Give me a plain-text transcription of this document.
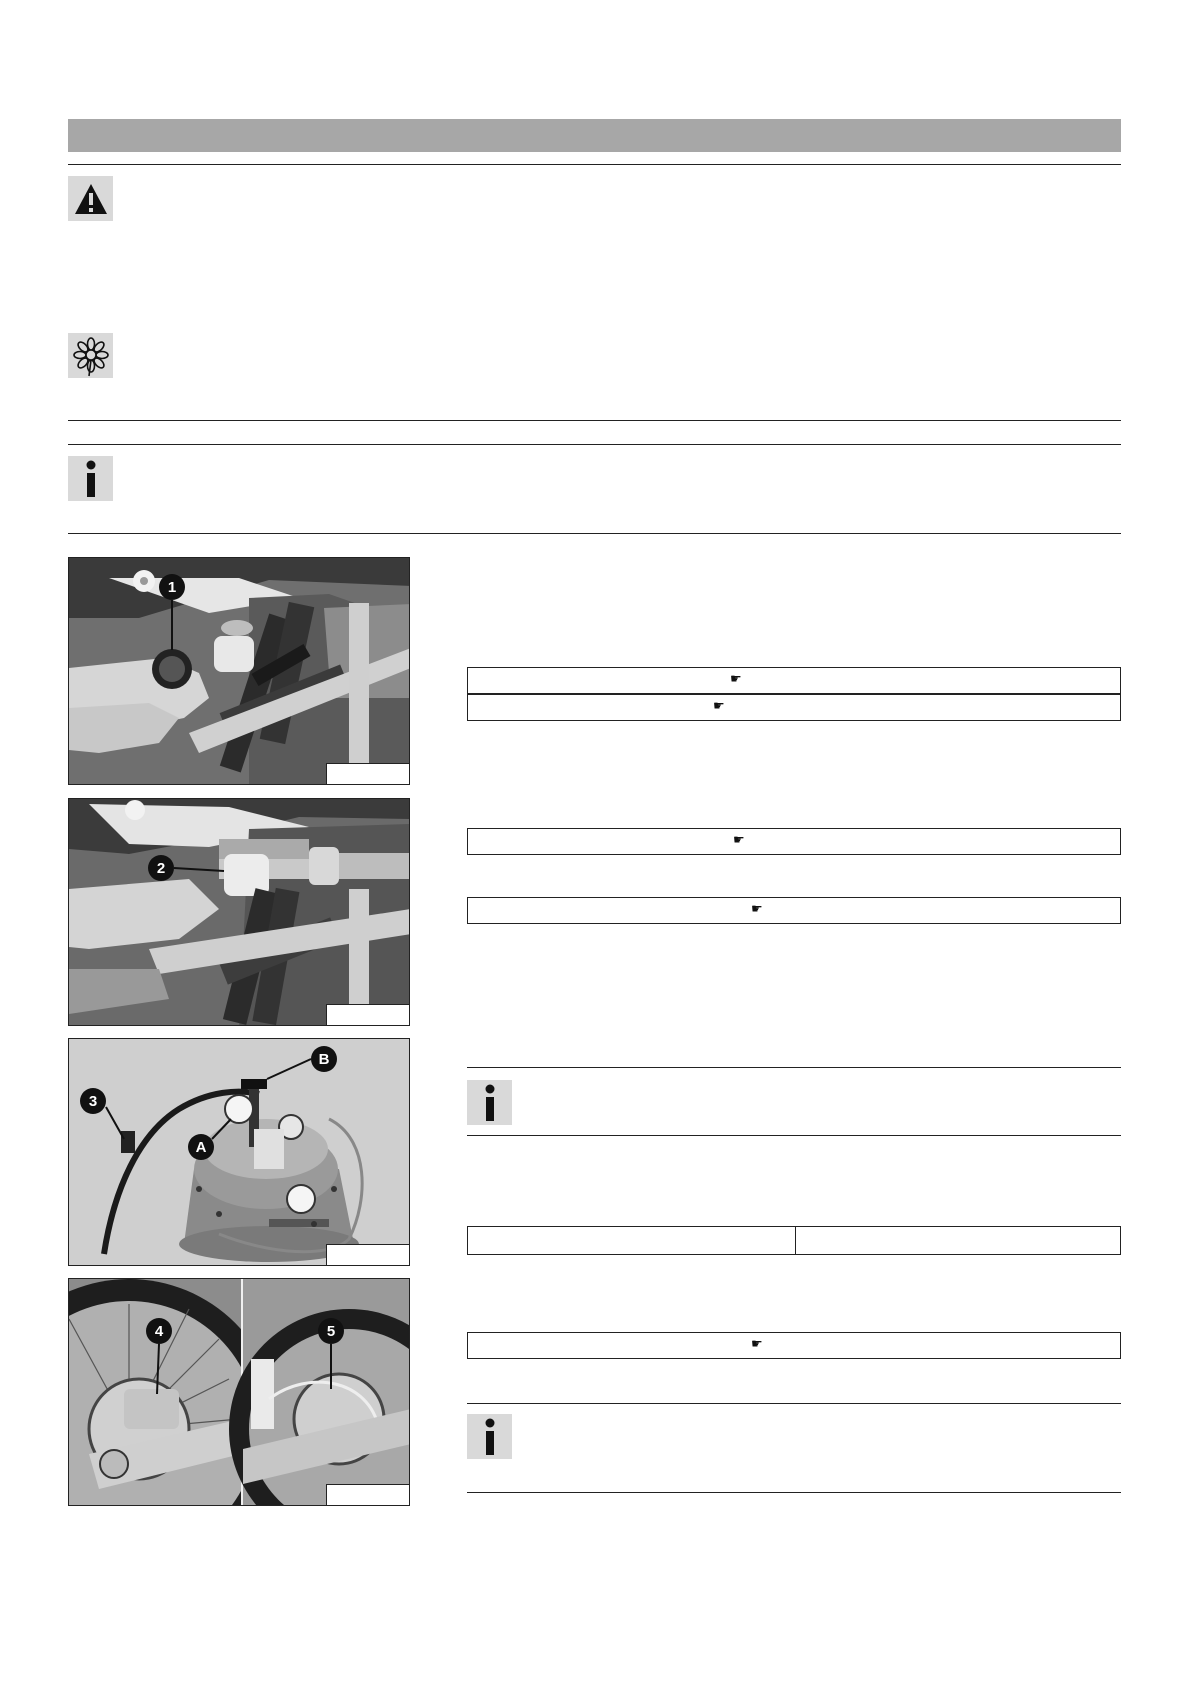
1
☛
☛
2
☛
☛
B
3
A
4	5
☛
